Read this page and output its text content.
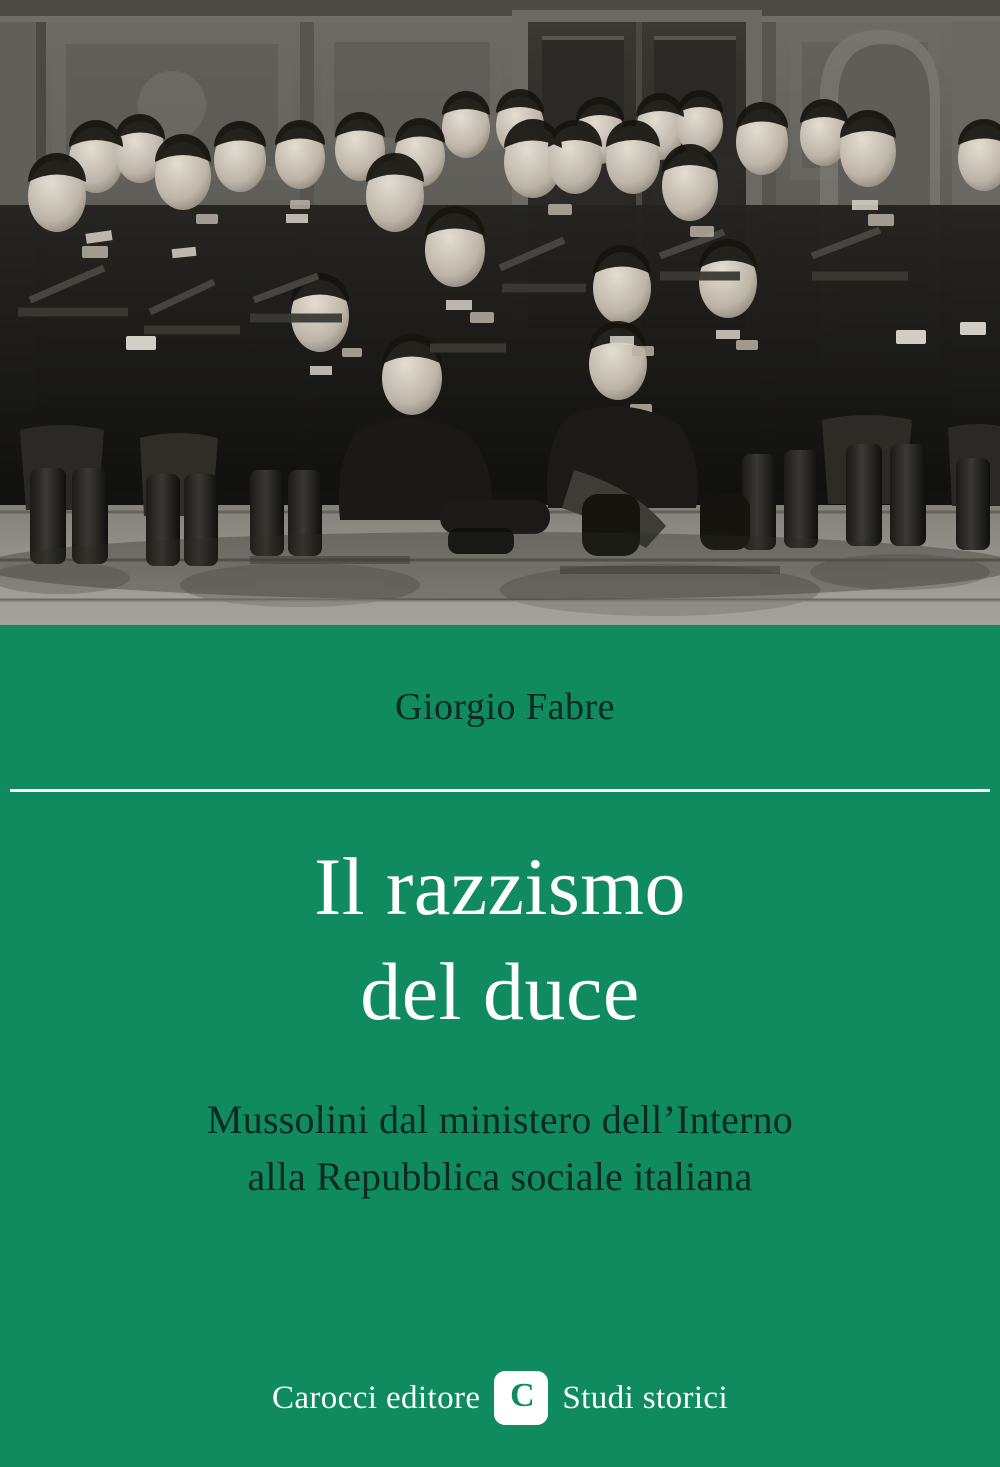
Giorgio Fabre
Il razzismo
del duce
Mussolini dal ministero dell’Interno
alla Repubblica sociale italiana
Carocci editore C Studi storici
